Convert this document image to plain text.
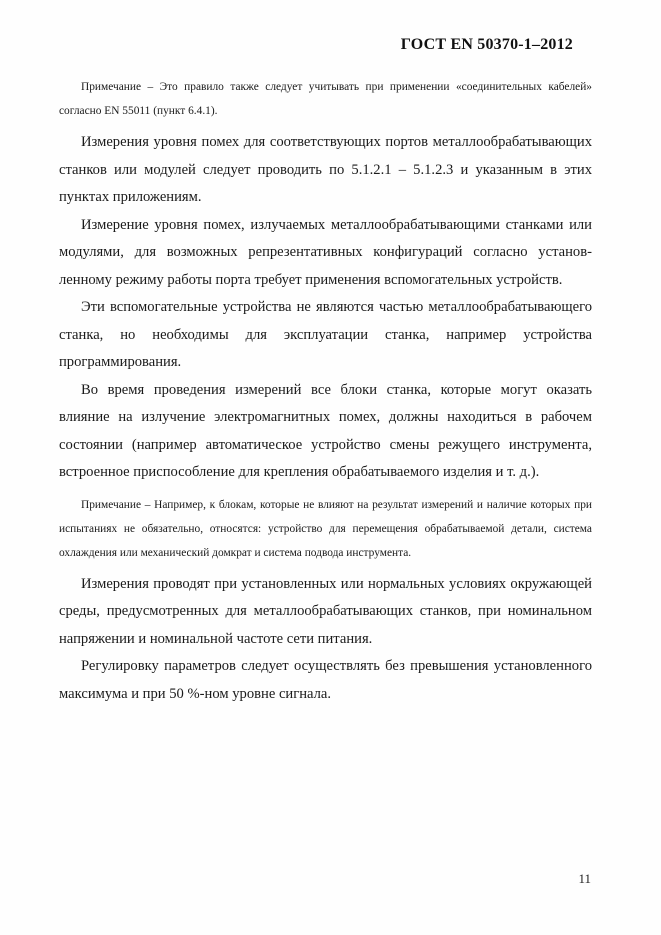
ГОСТ EN 50370-1–2012

Примечание – Это правило также следует учитывать при применении «соединительных кабелей» согласно EN 55011 (пункт 6.4.1).

Измерения уровня помех для соответствующих портов металлообрабатывающих станков или модулей следует проводить по 5.1.2.1 – 5.1.2.3 и указанным в этих пунктах приложениям.

Измерение уровня помех, излучаемых металлообрабатывающими станками или модулями, для возможных репрезентативных конфигураций согласно установленному режиму работы порта требует применения вспомогательных устройств.

Эти вспомогательные устройства не являются частью металлообрабатывающего станка, но необходимы для эксплуатации станка, например устройства программирования.

Во время проведения измерений все блоки станка, которые могут оказать влияние на излучение электромагнитных помех, должны находиться в рабочем состоянии (например автоматическое устройство смены режущего инструмента, встроенное приспособление для крепления обрабатываемого изделия и т. д.).

Примечание – Например, к блокам, которые не влияют на результат измерений и наличие которых при испытаниях не обязательно, относятся: устройство для перемещения обрабатываемой детали, система охлаждения или механический домкрат и система подвода инструмента.

Измерения проводят при установленных или нормальных условиях окружающей среды, предусмотренных для металлообрабатывающих станков, при номинальном напряжении и номинальной частоте сети питания.

Регулировку параметров следует осуществлять без превышения установленного максимума и при 50 %-ном уровне сигнала.

11
